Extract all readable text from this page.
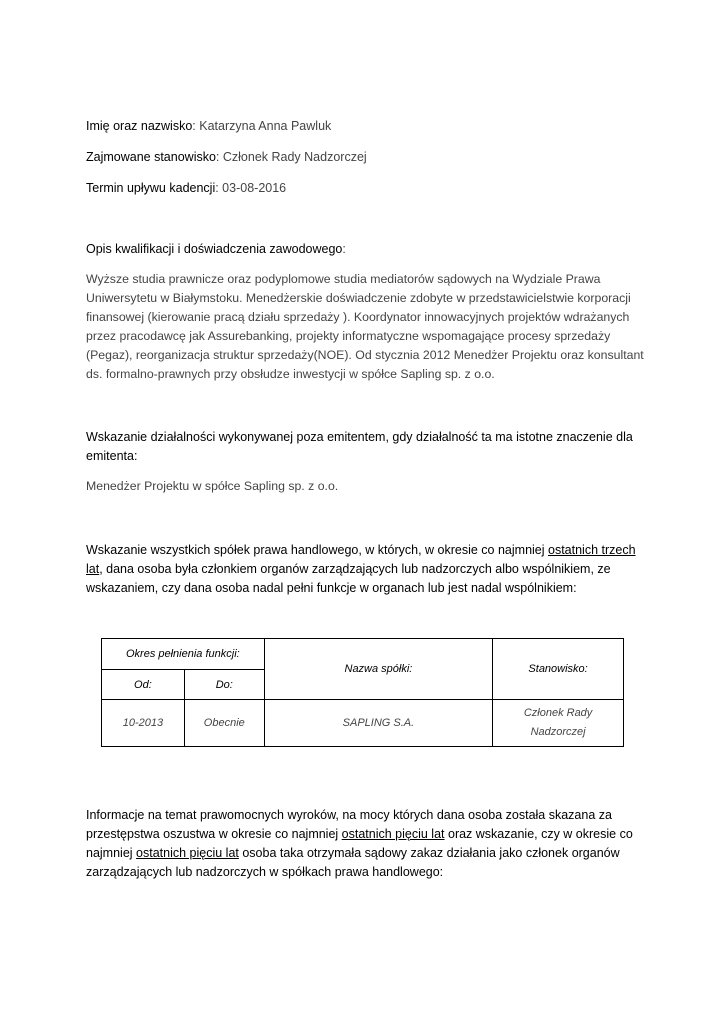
Imię oraz nazwisko: Katarzyna Anna Pawluk
Zajmowane stanowisko: Członek Rady Nadzorczej
Termin upływu kadencji: 03-08-2016
Opis kwalifikacji i doświadczenia zawodowego:
Wyższe studia prawnicze oraz podyplomowe studia mediatorów sądowych na Wydziale Prawa Uniwersytetu w Białymstoku. Menedżerskie doświadczenie zdobyte w przedstawicielstwie korporacji finansowej (kierowanie pracą działu sprzedaży ). Koordynator innowacyjnych projektów wdrażanych przez pracodawcę jak Assurebanking, projekty informatyczne wspomagające procesy sprzedaży (Pegaz), reorganizacja struktur sprzedaży(NOE). Od stycznia 2012 Menedżer Projektu oraz konsultant ds. formalno-prawnych przy obsłudze inwestycji w spółce Sapling sp. z o.o.
Wskazanie działalności wykonywanej poza emitentem, gdy działalność ta ma istotne znaczenie dla emitenta:
Menedżer Projektu w spółce Sapling sp. z o.o.
Wskazanie wszystkich spółek prawa handlowego, w których, w okresie co najmniej ostatnich trzech lat, dana osoba była członkiem organów zarządzających lub nadzorczych albo wspólnikiem, ze wskazaniem, czy dana osoba nadal pełni funkcje w organach lub jest nadal wspólnikiem:
Okres pełnienia funkcji:		Nazwa spółki:	Stanowisko:
Od:	Do:		
10-2013	Obecnie	SAPLING S.A.	Członek Rady
Nadzorczej
Informacje na temat prawomocnych wyroków, na mocy których dana osoba została skazana za przestępstwa oszustwa w okresie co najmniej ostatnich pięciu lat oraz wskazanie, czy w okresie co najmniej ostatnich pięciu lat osoba taka otrzymała sądowy zakaz działania jako członek organów zarządzających lub nadzorczych w spółkach prawa handlowego:
